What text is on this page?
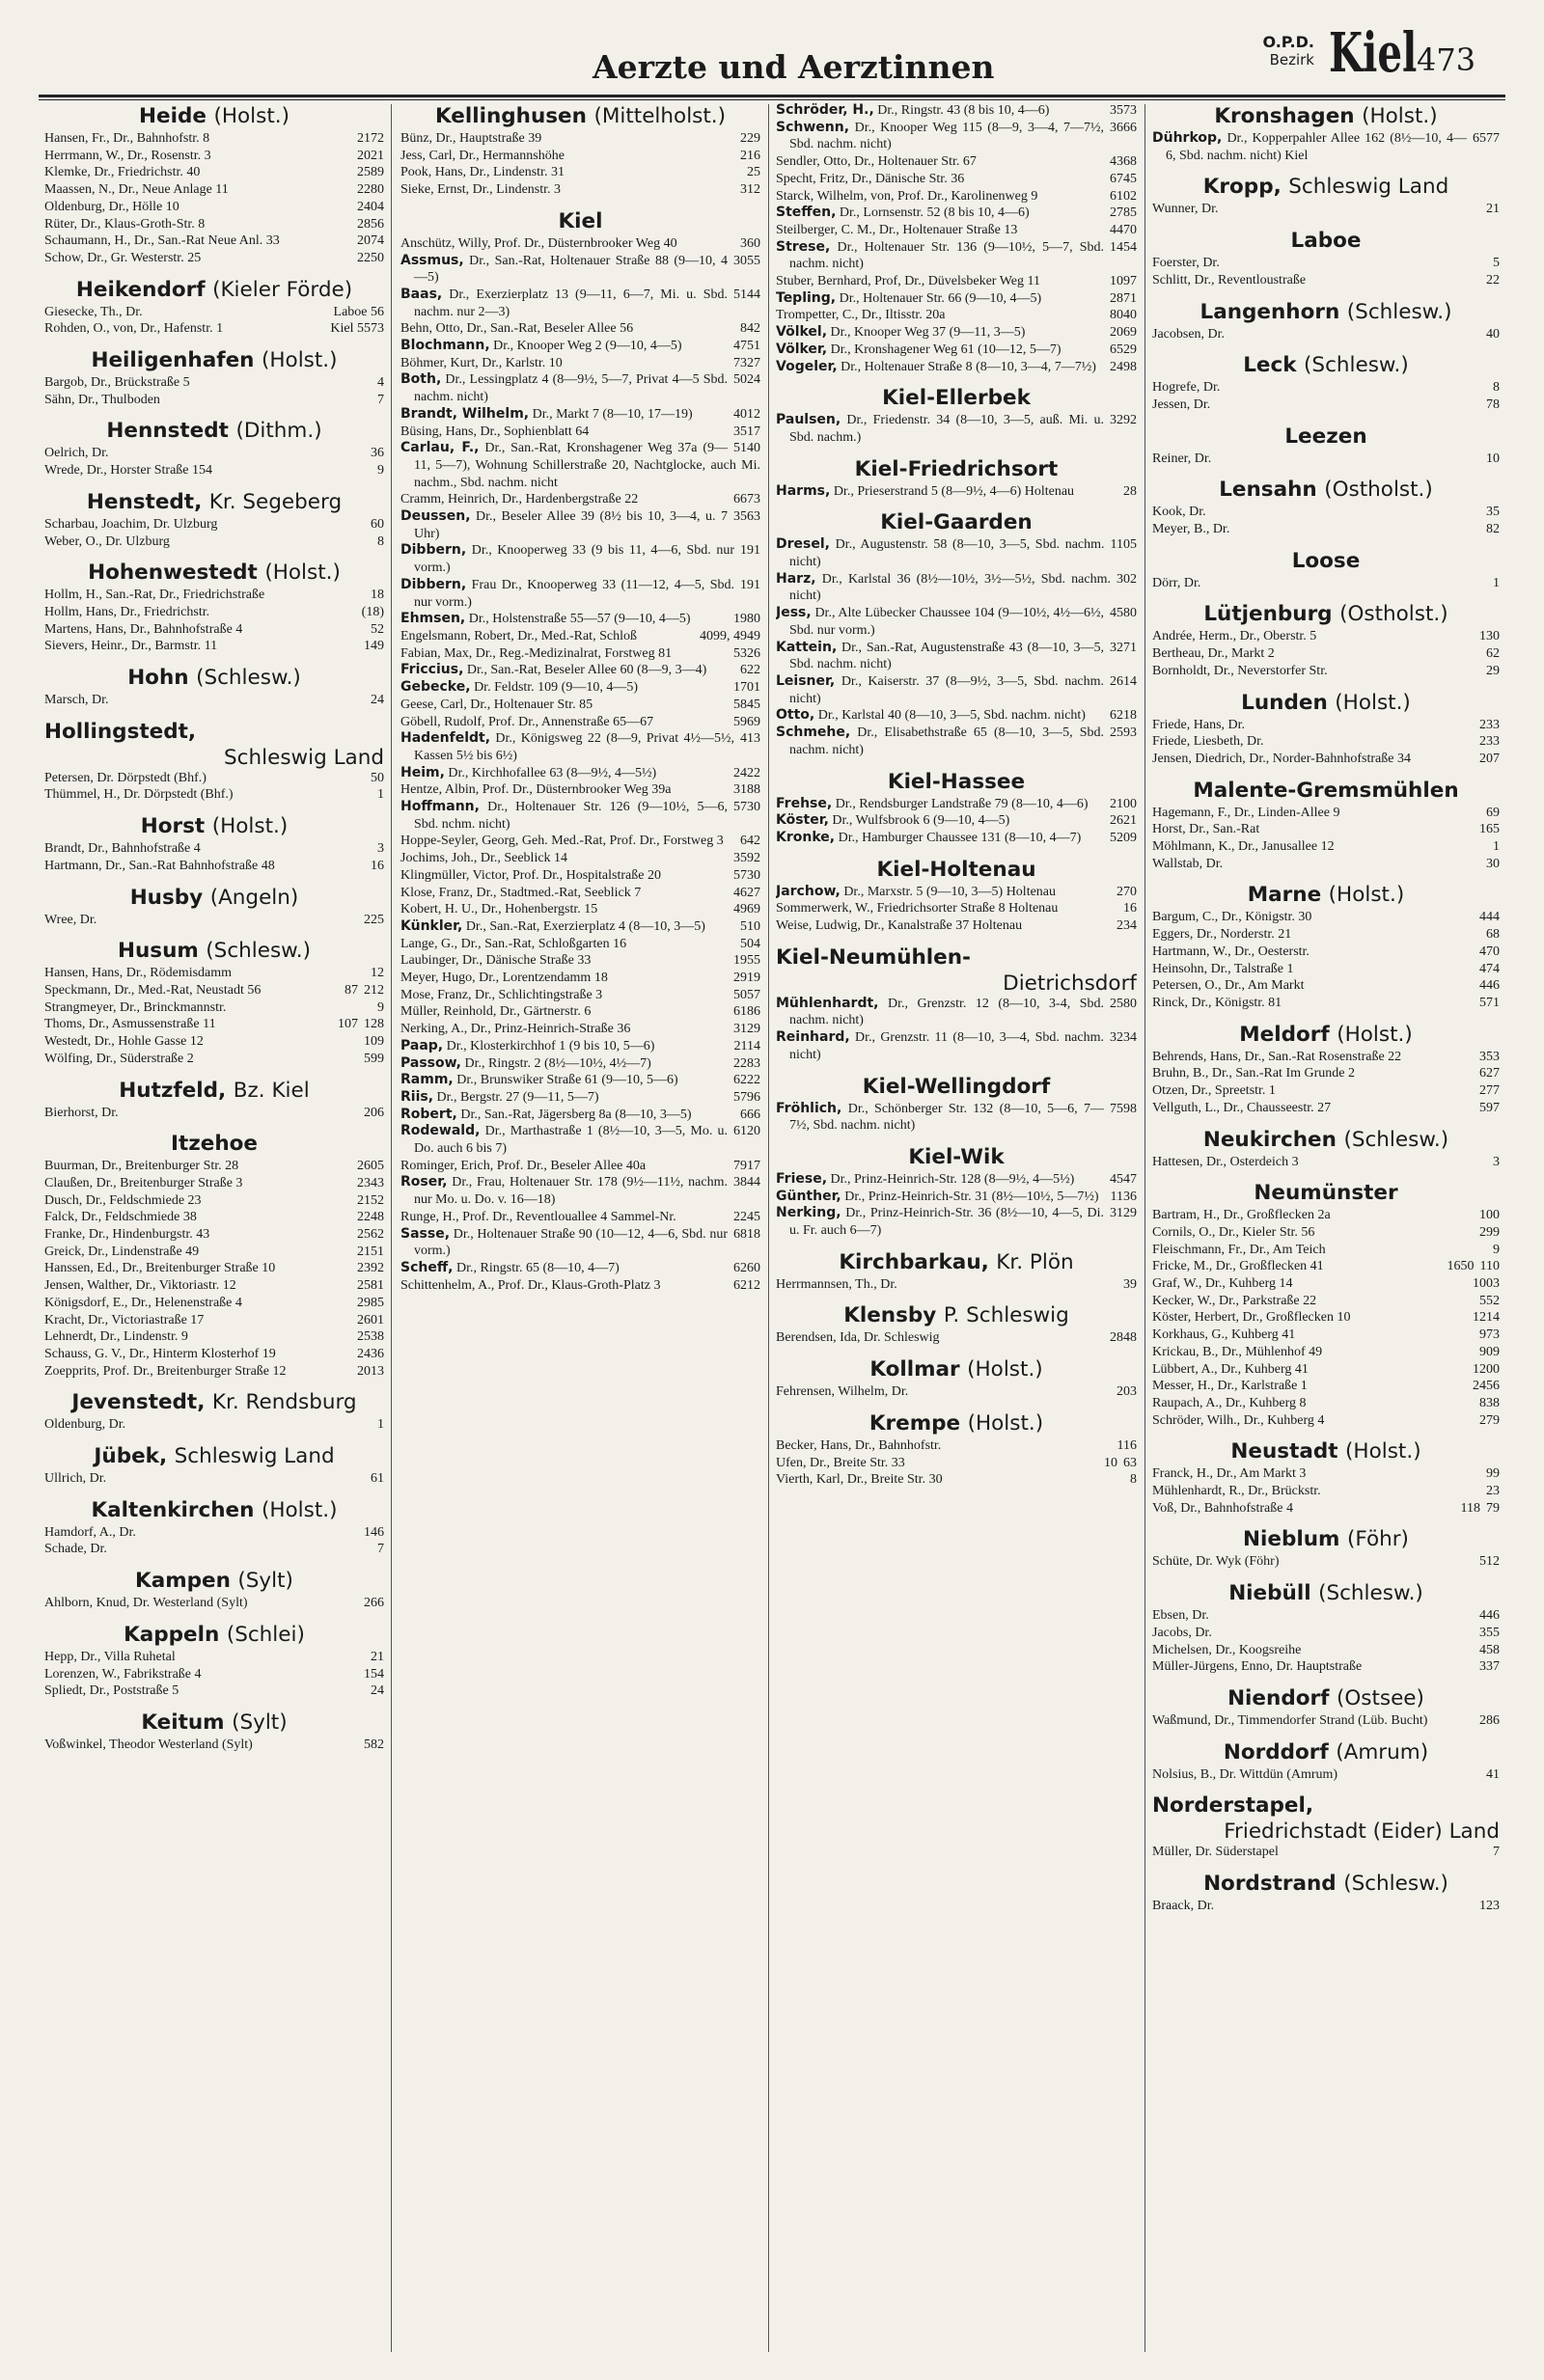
Aerzte und Aerztinnen
O.P.D.
Bezirk Kiel 473
Heide (Holst.)
2172
Hansen, Fr., Dr., Bahnhofstr. 8
2021
Herrmann, W., Dr., Rosenstr. 3
2589
Klemke, Dr., Friedrichstr. 40
2280
Maassen, N., Dr., Neue Anlage 11
2404
Oldenburg, Dr., Hölle 10
2856
Rüter, Dr., Klaus-Groth-Str. 8
2074
Schaumann, H., Dr., San.-Rat Neue Anl. 33
2250
Schow, Dr., Gr. Westerstr. 25
Heikendorf (Kieler Förde)
Laboe 56
Giesecke, Th., Dr.
Kiel 5573
Rohden, O., von, Dr., Hafenstr. 1
Heiligenhafen (Holst.)
4
Bargob, Dr., Brückstraße 5
7
Sähn, Dr., Thulboden
Hennstedt (Dithm.)
36
Oelrich, Dr.
9
Wrede, Dr., Horster Straße 154
Henstedt, Kr. Segeberg
60
Scharbau, Joachim, Dr. Ulzburg
8
Weber, O., Dr. Ulzburg
Hohenwestedt (Holst.)
18
Hollm, H., San.-Rat, Dr., Friedrichstraße
(18)
Hollm, Hans, Dr., Friedrichstr.
52
Martens, Hans, Dr., Bahnhofstraße 4
149
Sievers, Heinr., Dr., Barmstr. 11
Hohn (Schlesw.)
24
Marsch, Dr.
Hollingstedt,
Schleswig Land
50
Petersen, Dr. Dörpstedt (Bhf.)
1
Thümmel, H., Dr. Dörpstedt (Bhf.)
Horst (Holst.)
3
Brandt, Dr., Bahnhofstraße 4
16
Hartmann, Dr., San.-Rat Bahnhofstraße 48
Husby (Angeln)
225
Wree, Dr.
Husum (Schlesw.)
12
Hansen, Hans, Dr., Rödemisdamm
212
87
Speckmann, Dr., Med.-Rat, Neustadt 56
9
Strangmeyer, Dr., Brinckmannstr.
128
107
Thoms, Dr., Asmussenstraße 11
109
Westedt, Dr., Hohle Gasse 12
599
Wölfing, Dr., Süderstraße 2
Hutzfeld, Bz. Kiel
206
Bierhorst, Dr.
Itzehoe
2605
Buurman, Dr., Breitenburger Str. 28
2343
Claußen, Dr., Breitenburger Straße 3
2152
Dusch, Dr., Feldschmiede 23
2248
Falck, Dr., Feldschmiede 38
2562
Franke, Dr., Hindenburgstr. 43
2151
Greick, Dr., Lindenstraße 49
2392
Hanssen, Ed., Dr., Breitenburger Straße 10
2581
Jensen, Walther, Dr., Viktoriastr. 12
2985
Königsdorf, E., Dr., Helenenstraße 4
2601
Kracht, Dr., Victoriastraße 17
2538
Lehnerdt, Dr., Lindenstr. 9
2436
Schauss, G. V., Dr., Hinterm Klosterhof 19
2013
Zoepprits, Prof. Dr., Breitenburger Straße 12
Jevenstedt, Kr. Rendsburg
1
Oldenburg, Dr.
Jübek, Schleswig Land
61
Ullrich, Dr.
Kaltenkirchen (Holst.)
146
Hamdorf, A., Dr.
7
Schade, Dr.
Kampen (Sylt)
266
Ahlborn, Knud, Dr. Westerland (Sylt)
Kappeln (Schlei)
21
Hepp, Dr., Villa Ruhetal
154
Lorenzen, W., Fabrikstraße 4
24
Spliedt, Dr., Poststraße 5
Keitum (Sylt)
582
Voßwinkel, Theodor Westerland (Sylt)
Kellinghusen (Mittelholst.)
229
Bünz, Dr., Hauptstraße 39
216
Jess, Carl, Dr., Hermannshöhe
25
Pook, Hans, Dr., Lindenstr. 31
312
Sieke, Ernst, Dr., Lindenstr. 3
Kiel
360
Anschütz, Willy, Prof. Dr., Düsternbrooker Weg 40
3055
Assmus, Dr., San.-Rat, Holtenauer Straße 88 (9—10, 4—5)
5144
Baas, Dr., Exerzierplatz 13 (9—11, 6—7, Mi. u. Sbd. nachm. nur 2—3)
842
Behn, Otto, Dr., San.-Rat, Beseler Allee 56
4751
Blochmann, Dr., Knooper Weg 2 (9—10, 4—5)
7327
Böhmer, Kurt, Dr., Karlstr. 10
5024
Both, Dr., Lessingplatz 4 (8—9½, 5—7, Privat 4—5 Sbd. nachm. nicht)
4012
Brandt, Wilhelm, Dr., Markt 7 (8—10, 17—19)
3517
Büsing, Hans, Dr., Sophienblatt 64
5140
Carlau, F., Dr., San.-Rat, Kronshagener Weg 37a (9—11, 5—7), Wohnung Schillerstraße 20, Nachtglocke, auch Mi. nachm., Sbd. nachm. nicht
6673
Cramm, Heinrich, Dr., Hardenbergstraße 22
3563
Deussen, Dr., Beseler Allee 39 (8½ bis 10, 3—4, u. 7 Uhr)
191
Dibbern, Dr., Knooperweg 33 (9 bis 11, 4—6, Sbd. nur vorm.)
191
Dibbern, Frau Dr., Knooperweg 33 (11—12, 4—5, Sbd. nur vorm.)
1980
Ehmsen, Dr., Holstenstraße 55—57 (9—10, 4—5)
4099, 4949
Engelsmann, Robert, Dr., Med.-Rat, Schloß
5326
Fabian, Max, Dr., Reg.-Medizinalrat, Forstweg 81
622
Friccius, Dr., San.-Rat, Beseler Allee 60 (8—9, 3—4)
1701
Gebecke, Dr. Feldstr. 109 (9—10, 4—5)
5845
Geese, Carl, Dr., Holtenauer Str. 85
5969
Göbell, Rudolf, Prof. Dr., Annenstraße 65—67
413
Hadenfeldt, Dr., Königsweg 22 (8—9, Privat 4½—5½, Kassen 5½ bis 6½)
2422
Heim, Dr., Kirchhofallee 63 (8—9½, 4—5½)
3188
Hentze, Albin, Prof. Dr., Düsternbrooker Weg 39a
5730
Hoffmann, Dr., Holtenauer Str. 126 (9—10½, 5—6, Sbd. nchm. nicht)
642
Hoppe-Seyler, Georg, Geh. Med.-Rat, Prof. Dr., Forstweg 3
3592
Jochims, Joh., Dr., Seeblick 14
5730
Klingmüller, Victor, Prof. Dr., Hospitalstraße 20
4627
Klose, Franz, Dr., Stadtmed.-Rat, Seeblick 7
4969
Kobert, H. U., Dr., Hohenbergstr. 15
510
Künkler, Dr., San.-Rat, Exerzierplatz 4 (8—10, 3—5)
504
Lange, G., Dr., San.-Rat, Schloßgarten 16
1955
Laubinger, Dr., Dänische Straße 33
2919
Meyer, Hugo, Dr., Lorentzendamm 18
5057
Mose, Franz, Dr., Schlichtingstraße 3
6186
Müller, Reinhold, Dr., Gärtnerstr. 6
3129
Nerking, A., Dr., Prinz-Heinrich-Straße 36
2114
Paap, Dr., Klosterkirchhof 1 (9 bis 10, 5—6)
2283
Passow, Dr., Ringstr. 2 (8½—10½, 4½—7)
6222
Ramm, Dr., Brunswiker Straße 61 (9—10, 5—6)
5796
Riis, Dr., Bergstr. 27 (9—11, 5—7)
666
Robert, Dr., San.-Rat, Jägersberg 8a (8—10, 3—5)
6120
Rodewald, Dr., Marthastraße 1 (8½—10, 3—5, Mo. u. Do. auch 6 bis 7)
7917
Rominger, Erich, Prof. Dr., Beseler Allee 40a
3844
Roser, Dr., Frau, Holtenauer Str. 178 (9½—11½, nachm. nur Mo. u. Do. v. 16—18)
2245
Runge, H., Prof. Dr., Reventlouallee 4 Sammel-Nr.
6818
Sasse, Dr., Holtenauer Straße 90 (10—12, 4—6, Sbd. nur vorm.)
6260
Scheff, Dr., Ringstr. 65 (8—10, 4—7)
6212
Schittenhelm, A., Prof. Dr., Klaus-Groth-Platz 3
3573
Schröder, H., Dr., Ringstr. 43 (8 bis 10, 4—6)
3666
Schwenn, Dr., Knooper Weg 115 (8—9, 3—4, 7—7½, Sbd. nachm. nicht)
4368
Sendler, Otto, Dr., Holtenauer Str. 67
6745
Specht, Fritz, Dr., Dänische Str. 36
6102
Starck, Wilhelm, von, Prof. Dr., Karolinenweg 9
2785
Steffen, Dr., Lornsenstr. 52 (8 bis 10, 4—6)
4470
Steilberger, C. M., Dr., Holtenauer Straße 13
1454
Strese, Dr., Holtenauer Str. 136 (9—10½, 5—7, Sbd. nachm. nicht)
1097
Stuber, Bernhard, Prof, Dr., Düvelsbeker Weg 11
2871
Tepling, Dr., Holtenauer Str. 66 (9—10, 4—5)
8040
Trompetter, C., Dr., Iltisstr. 20a
2069
Völkel, Dr., Knooper Weg 37 (9—11, 3—5)
6529
Völker, Dr., Kronshagener Weg 61 (10—12, 5—7)
2498
Vogeler, Dr., Holtenauer Straße 8 (8—10, 3—4, 7—7½)
Kiel-Ellerbek
3292
Paulsen, Dr., Friedenstr. 34 (8—10, 3—5, auß. Mi. u. Sbd. nachm.)
Kiel-Friedrichsort
28
Harms, Dr., Prieserstrand 5 (8—9½, 4—6) Holtenau
Kiel-Gaarden
1105
Dresel, Dr., Augustenstr. 58 (8—10, 3—5, Sbd. nachm. nicht)
302
Harz, Dr., Karlstal 36 (8½—10½, 3½—5½, Sbd. nachm. nicht)
4580
Jess, Dr., Alte Lübecker Chaussee 104 (9—10½, 4½—6½, Sbd. nur vorm.)
3271
Kattein, Dr., San.-Rat, Augustenstraße 43 (8—10, 3—5, Sbd. nachm. nicht)
2614
Leisner, Dr., Kaiserstr. 37 (8—9½, 3—5, Sbd. nachm. nicht)
6218
Otto, Dr., Karlstal 40 (8—10, 3—5, Sbd. nachm. nicht)
2593
Schmehe, Dr., Elisabethstraße 65 (8—10, 3—5, Sbd. nachm. nicht)
Kiel-Hassee
2100
Frehse, Dr., Rendsburger Landstraße 79 (8—10, 4—6)
2621
Köster, Dr., Wulfsbrook 6 (9—10, 4—5)
5209
Kronke, Dr., Hamburger Chaussee 131 (8—10, 4—7)
Kiel-Holtenau
270
Jarchow, Dr., Marxstr. 5 (9—10, 3—5) Holtenau
16
Sommerwerk, W., Friedrichsorter Straße 8 Holtenau
234
Weise, Ludwig, Dr., Kanalstraße 37 Holtenau
Kiel-Neumühlen-
Dietrichsdorf
2580
Mühlenhardt, Dr., Grenzstr. 12 (8—10, 3-4, Sbd. nachm. nicht)
3234
Reinhard, Dr., Grenzstr. 11 (8—10, 3—4, Sbd. nachm. nicht)
Kiel-Wellingdorf
7598
Fröhlich, Dr., Schönberger Str. 132 (8—10, 5—6, 7—7½, Sbd. nachm. nicht)
Kiel-Wik
4547
Friese, Dr., Prinz-Heinrich-Str. 128 (8—9½, 4—5½)
1136
Günther, Dr., Prinz-Heinrich-Str. 31 (8½—10½, 5—7½)
3129
Nerking, Dr., Prinz-Heinrich-Str. 36 (8½—10, 4—5, Di. u. Fr. auch 6—7)
Kirchbarkau, Kr. Plön
39
Herrmannsen, Th., Dr.
Klensby P. Schleswig
2848
Berendsen, Ida, Dr. Schleswig
Kollmar (Holst.)
203
Fehrensen, Wilhelm, Dr.
Krempe (Holst.)
116
Becker, Hans, Dr., Bahnhofstr.
63
10
Ufen, Dr., Breite Str. 33
8
Vierth, Karl, Dr., Breite Str. 30
Kronshagen (Holst.)
6577
Dührkop, Dr., Kopperpahler Allee 162 (8½—10, 4—6, Sbd. nachm. nicht) Kiel
Kropp, Schleswig Land
21
Wunner, Dr.
Laboe
5
Foerster, Dr.
22
Schlitt, Dr., Reventloustraße
Langenhorn (Schlesw.)
40
Jacobsen, Dr.
Leck (Schlesw.)
8
Hogrefe, Dr.
78
Jessen, Dr.
Leezen
10
Reiner, Dr.
Lensahn (Ostholst.)
35
Kook, Dr.
82
Meyer, B., Dr.
Loose
1
Dörr, Dr.
Lütjenburg (Ostholst.)
130
Andrée, Herm., Dr., Oberstr. 5
62
Bertheau, Dr., Markt 2
29
Bornholdt, Dr., Neverstorfer Str.
Lunden (Holst.)
233
Friede, Hans, Dr.
233
Friede, Liesbeth, Dr.
207
Jensen, Diedrich, Dr., Norder-Bahnhofstraße 34
Malente-Gremsmühlen
69
Hagemann, F., Dr., Linden-Allee 9
165
Horst, Dr., San.-Rat
1
Möhlmann, K., Dr., Janusallee 12
30
Wallstab, Dr.
Marne (Holst.)
444
Bargum, C., Dr., Königstr. 30
68
Eggers, Dr., Norderstr. 21
470
Hartmann, W., Dr., Oesterstr.
474
Heinsohn, Dr., Talstraße 1
446
Petersen, O., Dr., Am Markt
571
Rinck, Dr., Königstr. 81
Meldorf (Holst.)
353
Behrends, Hans, Dr., San.-Rat Rosenstraße 22
627
Bruhn, B., Dr., San.-Rat Im Grunde 2
277
Otzen, Dr., Spreetstr. 1
597
Vellguth, L., Dr., Chausseestr. 27
Neukirchen (Schlesw.)
3
Hattesen, Dr., Osterdeich 3
Neumünster
100
Bartram, H., Dr., Großflecken 2a
299
Cornils, O., Dr., Kieler Str. 56
9
Fleischmann, Fr., Dr., Am Teich
110
1650
Fricke, M., Dr., Großflecken 41
1003
Graf, W., Dr., Kuhberg 14
552
Kecker, W., Dr., Parkstraße 22
1214
Köster, Herbert, Dr., Großflecken 10
973
Korkhaus, G., Kuhberg 41
909
Krickau, B., Dr., Mühlenhof 49
1200
Lübbert, A., Dr., Kuhberg 41
2456
Messer, H., Dr., Karlstraße 1
838
Raupach, A., Dr., Kuhberg 8
279
Schröder, Wilh., Dr., Kuhberg 4
Neustadt (Holst.)
99
Franck, H., Dr., Am Markt 3
23
Mühlenhardt, R., Dr., Brückstr.
79
118
Voß, Dr., Bahnhofstraße 4
Nieblum (Föhr)
512
Schüte, Dr. Wyk (Föhr)
Niebüll (Schlesw.)
446
Ebsen, Dr.
355
Jacobs, Dr.
458
Michelsen, Dr., Koogsreihe
337
Müller-Jürgens, Enno, Dr. Hauptstraße
Niendorf (Ostsee)
286
Waßmund, Dr., Timmendorfer Strand (Lüb. Bucht)
Norddorf (Amrum)
41
Nolsius, B., Dr. Wittdün (Amrum)
Norderstapel,
Friedrichstadt (Eider) Land
7
Müller, Dr. Süderstapel
Nordstrand (Schlesw.)
123
Braack, Dr.
